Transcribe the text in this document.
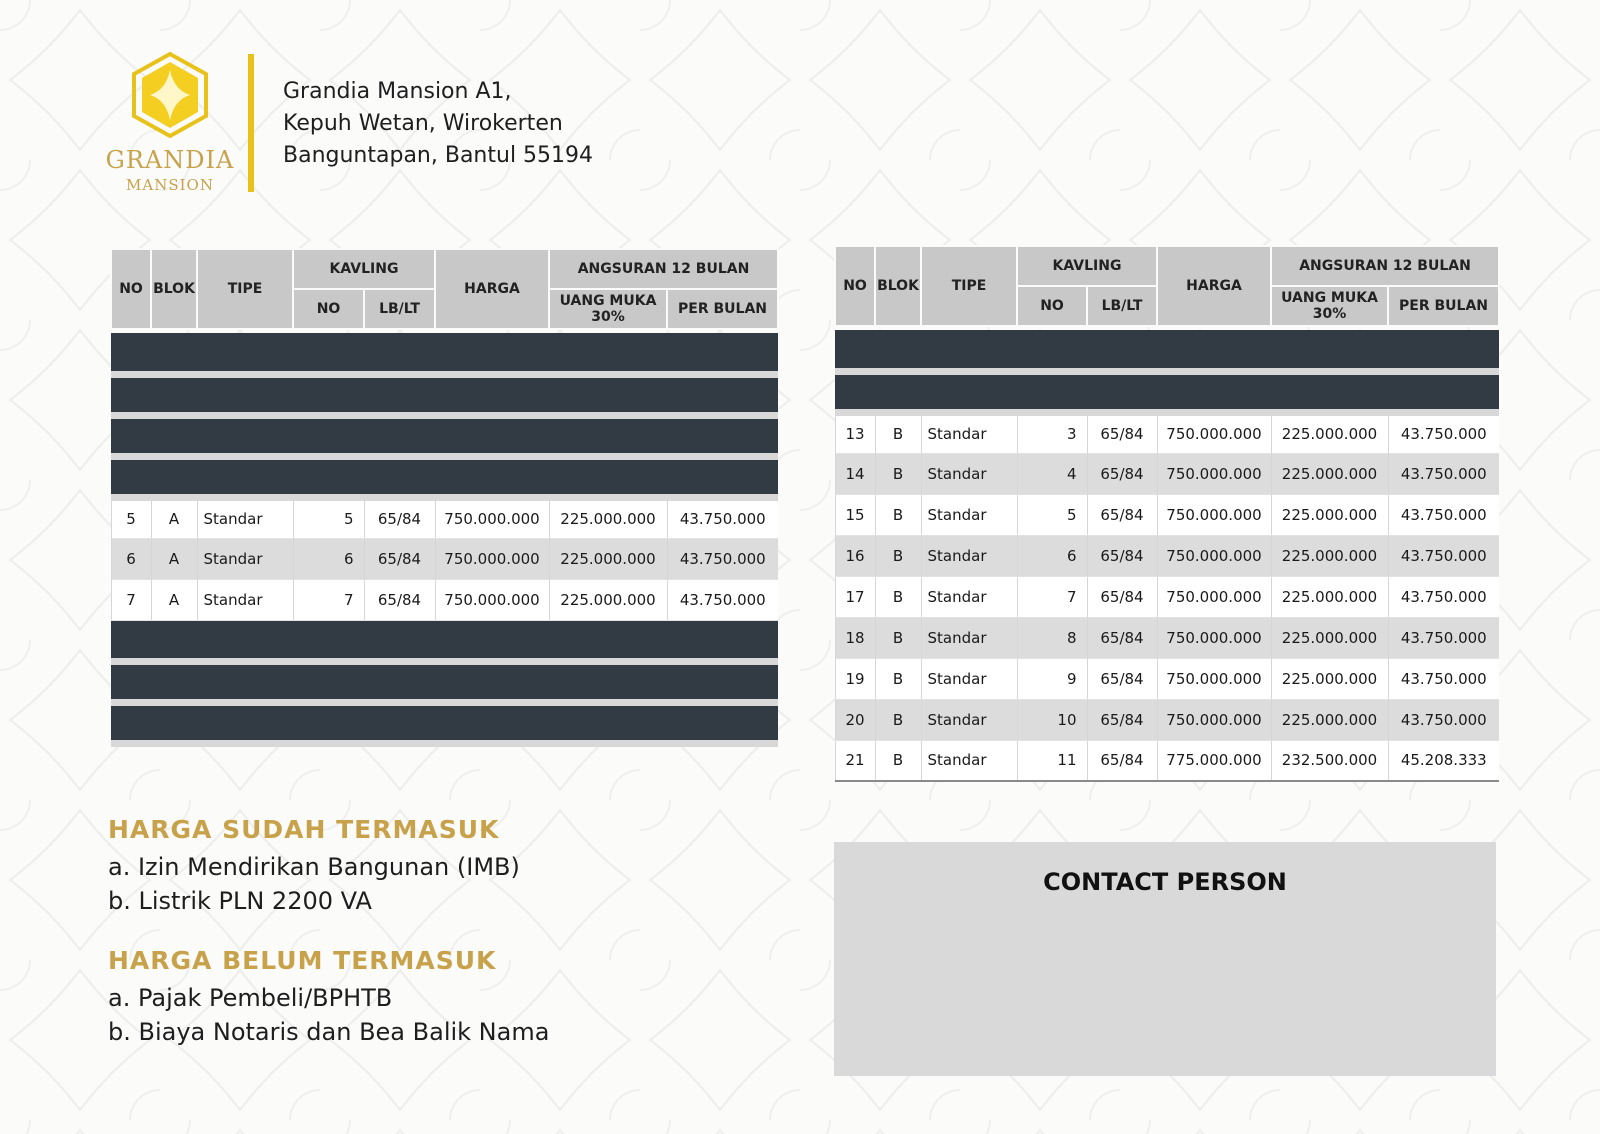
GRANDIA
MANSION
Grandia Mansion A1,
Kepuh Wetan, Wirokerten
Banguntapan, Bantul 55194
NO	BLOK	TIPE	KAVLING		HARGA	ANGSURAN 12 BULAN	
			NO	LB/LT		UANG MUKA 30%	PER BULAN

5	A	Standar	5	65/84	750.000.000	225.000.000	43.750.000
6	A	Standar	6	65/84	750.000.000	225.000.000	43.750.000
7	A	Standar	7	65/84	750.000.000	225.000.000	43.750.000

NO	BLOK	TIPE	KAVLING		HARGA	ANGSURAN 12 BULAN	
			NO	LB/LT		UANG MUKA 30%	PER BULAN

13	B	Standar	3	65/84	750.000.000	225.000.000	43.750.000
14	B	Standar	4	65/84	750.000.000	225.000.000	43.750.000
15	B	Standar	5	65/84	750.000.000	225.000.000	43.750.000
16	B	Standar	6	65/84	750.000.000	225.000.000	43.750.000
17	B	Standar	7	65/84	750.000.000	225.000.000	43.750.000
18	B	Standar	8	65/84	750.000.000	225.000.000	43.750.000
19	B	Standar	9	65/84	750.000.000	225.000.000	43.750.000
20	B	Standar	10	65/84	750.000.000	225.000.000	43.750.000
21	B	Standar	11	65/84	775.000.000	232.500.000	45.208.333
HARGA SUDAH TERMASUK
a. Izin Mendirikan Bangunan (IMB)
b. Listrik PLN 2200 VA
HARGA BELUM TERMASUK
a. Pajak Pembeli/BPHTB
b. Biaya Notaris dan Bea Balik Nama
CONTACT PERSON
